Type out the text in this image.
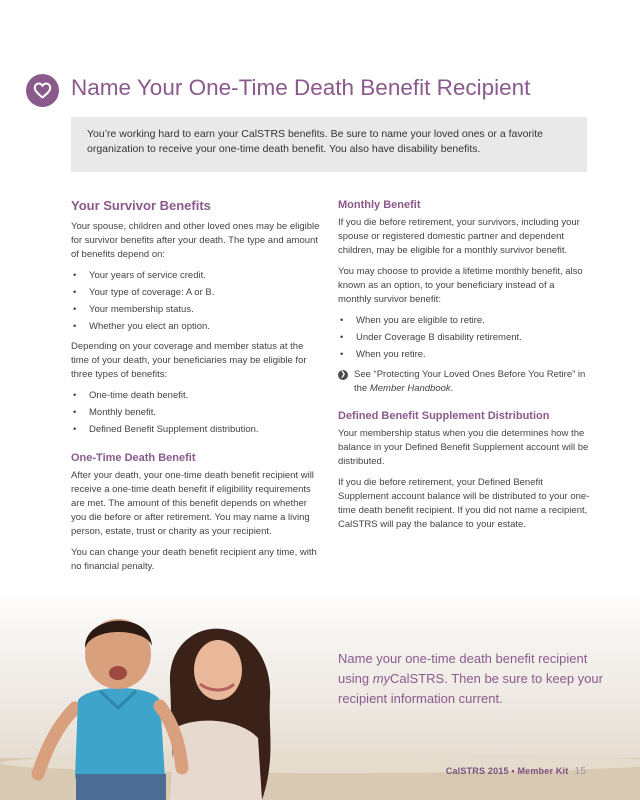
Name Your One-Time Death Benefit Recipient
You’re working hard to earn your CalSTRS benefits. Be sure to name your loved ones or a favorite organization to receive your one-time death benefit. You also have disability benefits.
Your Survivor Benefits

Your spouse, children and other loved ones may be eligible for survivor benefits after your death. The type and amount of benefits depend on:

• Your years of service credit.
• Your type of coverage: A or B.
• Your membership status.
• Whether you elect an option.

Depending on your coverage and member status at the time of your death, your beneficiaries may be eligible for three types of benefits:

• One-time death benefit.
• Monthly benefit.
• Defined Benefit Supplement distribution.
One-Time Death Benefit

After your death, your one-time death benefit recipient will receive a one-time death benefit if eligibility requirements are met. The amount of this benefit depends on whether you die before or after retirement. You may name a living person, estate, trust or charity as your recipient.

You can change your death benefit recipient any time, with no financial penalty.

Monthly Benefit

If you die before retirement, your survivors, including your spouse or registered domestic partner and dependent children, may be eligible for a monthly survivor benefit.

You may choose to provide a lifetime monthly benefit, also known as an option, to your beneficiary instead of a monthly survivor benefit:

• When you are eligible to retire.
• Under Coverage B disability retirement.
• When you retire.
❯ See “Protecting Your Loved Ones Before You Retire” in the Member Handbook.
Defined Benefit Supplement Distribution

Your membership status when you die determines how the balance in your Defined Benefit Supplement account will be distributed.

If you die before retirement, your Defined Benefit Supplement account balance will be distributed to your one-time death benefit recipient. If you did not name a recipient, CalSTRS will pay the balance to your estate.

Name your one-time death benefit recipient using myCalSTRS. Then be sure to keep your recipient information current.
CalSTRS 2015 • Member Kit 15
